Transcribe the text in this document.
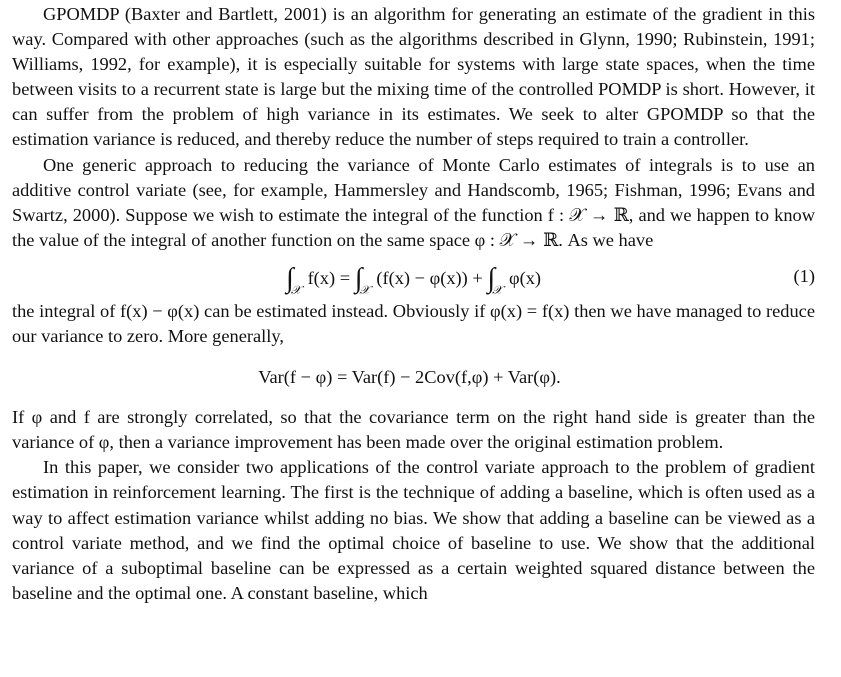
GPOMDP (Baxter and Bartlett, 2001) is an algorithm for generating an estimate of the gradient in this way. Compared with other approaches (such as the algorithms described in Glynn, 1990; Rubinstein, 1991; Williams, 1992, for example), it is especially suitable for systems with large state spaces, when the time between visits to a recurrent state is large but the mixing time of the controlled POMDP is short. However, it can suffer from the problem of high variance in its estimates. We seek to alter GPOMDP so that the estimation variance is reduced, and thereby reduce the number of steps required to train a controller.

One generic approach to reducing the variance of Monte Carlo estimates of integrals is to use an additive control variate (see, for example, Hammersley and Handscomb, 1965; Fishman, 1996; Evans and Swartz, 2000). Suppose we wish to estimate the integral of the function f : 𝒳 → ℝ, and we happen to know the value of the integral of another function on the same space φ : 𝒳 → ℝ. As we have

$\int_𝒳$ $f(x) = \int_𝒳$ $(f(x) - \varphi(x)) + \int_𝒳$ φ(x)	(1)

the integral of f(x) − φ(x) can be estimated instead. Obviously if φ(x) = f(x) then we have managed to reduce our variance to zero. More generally,

Var(f − φ) = Var(f) − 2Cov(f,φ) + Var(φ).

If φ and f are strongly correlated, so that the covariance term on the right hand side is greater than the variance of φ, then a variance improvement has been made over the original estimation problem.

In this paper, we consider two applications of the control variate approach to the problem of gradient estimation in reinforcement learning. The first is the technique of adding a baseline, which is often used as a way to affect estimation variance whilst adding no bias. We show that adding a baseline can be viewed as a control variate method, and we find the optimal choice of baseline to use. We show that the additional variance of a suboptimal baseline can be expressed as a certain weighted squared distance between the baseline and the optimal one. A constant baseline, which
